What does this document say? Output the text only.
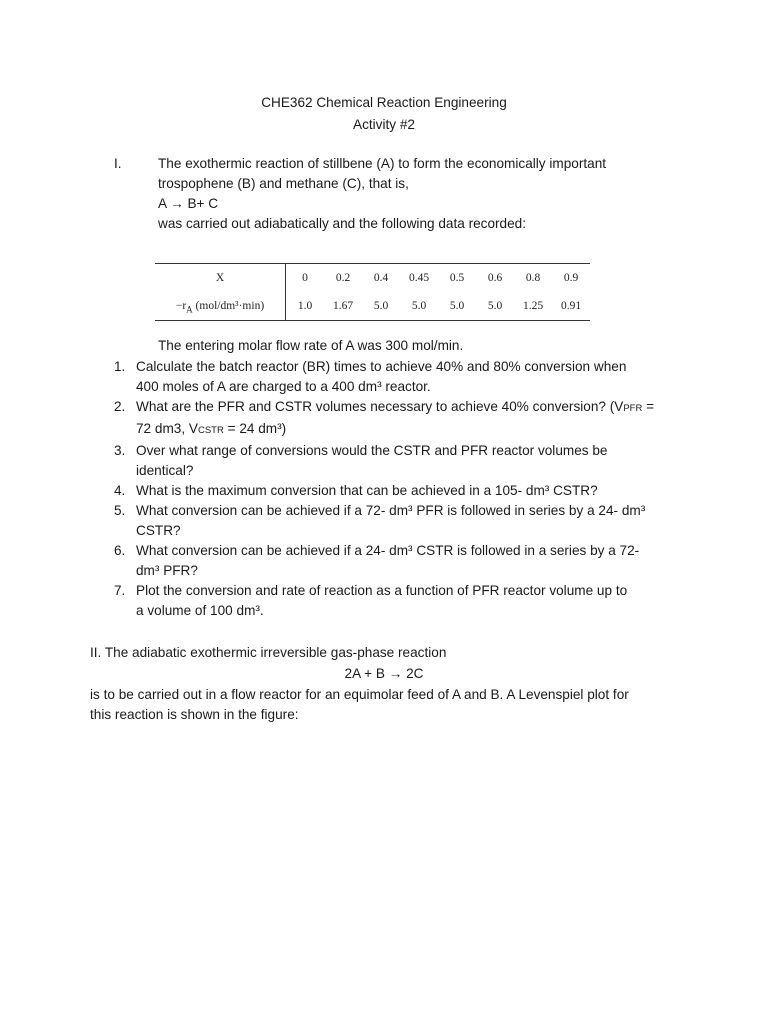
CHE362 Chemical Reaction Engineering
Activity #2
I.	The exothermic reaction of stillbene (A) to form the economically important
trospophene (B) and methane (C), that is,
A → B+ C
was carried out adiabatically and the following data recorded:
X	0	0.2	0.4	0.45	0.5	0.6	0.8	0.9
$-r_A$ (mol/dm³·min)	1.0	1.67	5.0	5.0	5.0	5.0	1.25	0.91
The entering molar flow rate of A was 300 mol/min.
1. Calculate the batch reactor (BR) times to achieve 40% and 80% conversion when
400 moles of A are charged to a 400 dm³ reactor.
2. What are the PFR and CSTR volumes necessary to achieve 40% conversion? (VPFR =
72 dm3, VCSTR = 24 dm³)
3. Over what range of conversions would the CSTR and PFR reactor volumes be
identical?
4. What is the maximum conversion that can be achieved in a 105- dm³ CSTR?
5. What conversion can be achieved if a 72- dm³ PFR is followed in series by a 24- dm³
CSTR?
6. What conversion can be achieved if a 24- dm³ CSTR is followed in a series by a 72-
dm³ PFR?
7. Plot the conversion and rate of reaction as a function of PFR reactor volume up to
a volume of 100 dm³.
II. The adiabatic exothermic irreversible gas-phase reaction
2A + B → 2C
is to be carried out in a flow reactor for an equimolar feed of A and B. A Levenspiel plot for
this reaction is shown in the figure:
